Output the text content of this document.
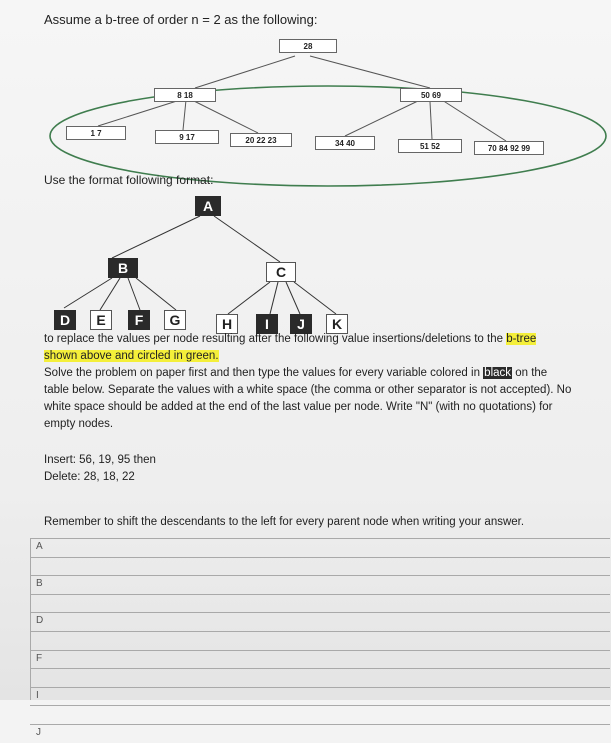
Assume a b-tree of order n = 2 as the following:
28
8 18	50 69
1 7	9 17	20 22 23	34 40	51 52	70 84 92 99
Use the format following format:
A
B	C
D	E	F	G	H	I	J	K
to replace the values per node resulting after the following value insertions/deletions to the b-tree
shown above and circled in green.
Solve the problem on paper first and then type the values for every variable colored in black on the
table below. Separate the values with a white space (the comma or other separator is not accepted). No
white space should be added at the end of the last value per node. Write "N" (with no quotations) for
empty nodes.
Insert: 56, 19, 95 then
Delete: 28, 18, 22
Remember to shift the descendants to the left for every parent node when writing your answer.
A
B
D
F
I
J
